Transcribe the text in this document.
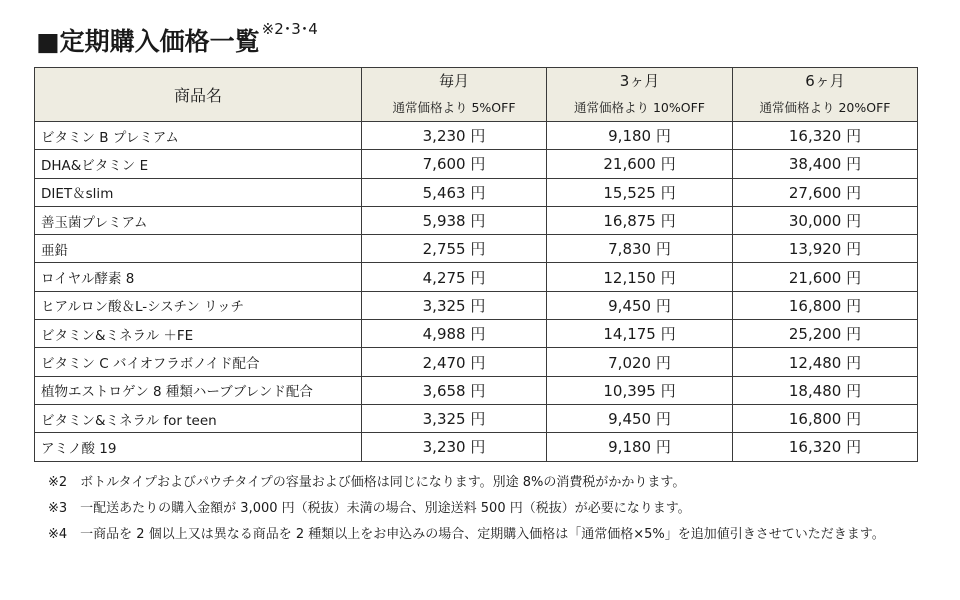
■定期購入価格一覧 $^{※2･3･4}$
商品名	毎月	3ヶ月	6ヶ月
	通常価格より 5%OFF	通常価格より 10%OFF	通常価格より 20%OFF
ビタミン B プレミアム	3,230 円	9,180 円	16,320 円
DHA&ビタミン E	7,600 円	21,600 円	38,400 円
DIET＆slim	5,463 円	15,525 円	27,600 円
善玉菌プレミアム	5,938 円	16,875 円	30,000 円
亜鉛	2,755 円	7,830 円	13,920 円
ロイヤル酵素 8	4,275 円	12,150 円	21,600 円
ヒアルロン酸＆L-シスチン リッチ	3,325 円	9,450 円	16,800 円
ビタミン&ミネラル ＋FE	4,988 円	14,175 円	25,200 円
ビタミン C バイオフラボノイド配合	2,470 円	7,020 円	12,480 円
植物エストロゲン 8 種類ハーブブレンド配合	3,658 円	10,395 円	18,480 円
ビタミン&ミネラル for teen	3,325 円	9,450 円	16,800 円
アミノ酸 19	3,230 円	9,180 円	16,320 円
※2　ボトルタイプおよびパウチタイプの容量および価格は同じになります。別途 8%の消費税がかかります。
※3　一配送あたりの購入金額が 3,000 円（税抜）未満の場合、別途送料 500 円（税抜）が必要になります。
※4　一商品を 2 個以上又は異なる商品を 2 種類以上をお申込みの場合、定期購入価格は「通常価格×5%」を追加値引きさせていただきます。
